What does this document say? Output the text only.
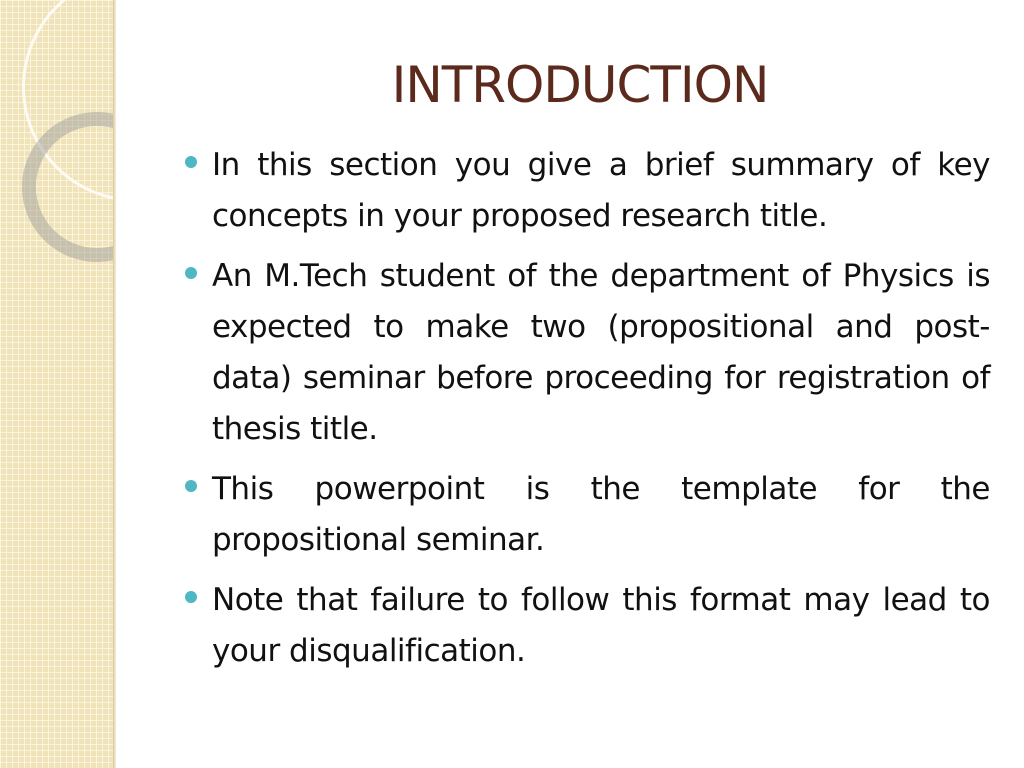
INTRODUCTION
In this section you give a brief summary of key concepts in your proposed research title.
An M.Tech student of the department of Physics is expected to make two (propositional and post-data) seminar before proceeding for registration of thesis title.
This powerpoint is the template for the propositional seminar.
Note that failure to follow this format may lead to your disqualification.
